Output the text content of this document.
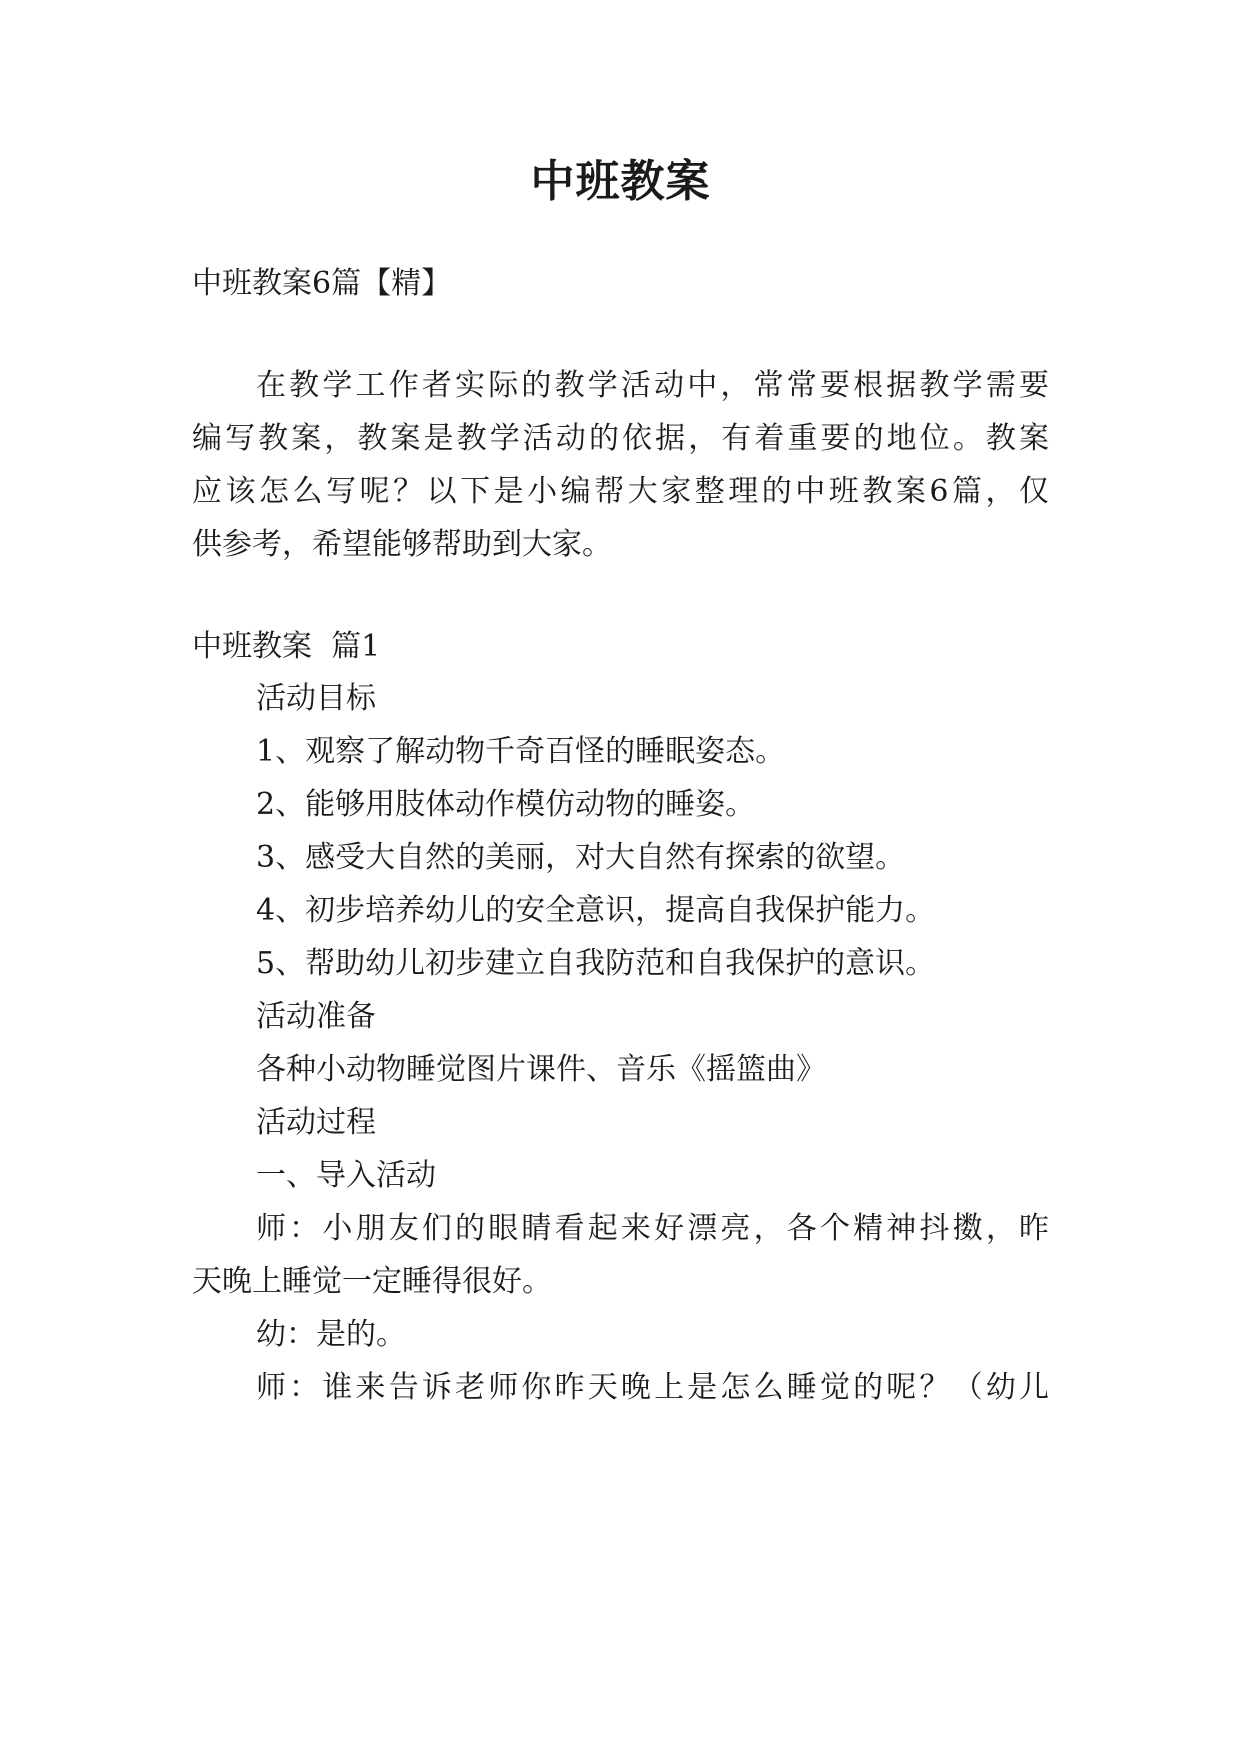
中班教案

中班教案6篇【精】

在教学工作者实际的教学活动中，常常要根据教学需要

编写教案，教案是教学活动的依据，有着重要的地位。教案

应该怎么写呢？以下是小编帮大家整理的中班教案6篇，仅

供参考，希望能够帮助到大家。

中班教案  篇1

活动目标

1、观察了解动物千奇百怪的睡眠姿态。

2、能够用肢体动作模仿动物的睡姿。

3、感受大自然的美丽，对大自然有探索的欲望。

4、初步培养幼儿的安全意识，提高自我保护能力。

5、帮助幼儿初步建立自我防范和自我保护的意识。

活动准备

各种小动物睡觉图片课件、音乐《摇篮曲》

活动过程

一、导入活动

师：小朋友们的眼睛看起来好漂亮，各个精神抖擞，昨

天晚上睡觉一定睡得很好。

幼：是的。

师：谁来告诉老师你昨天晚上是怎么睡觉的呢？（幼儿
